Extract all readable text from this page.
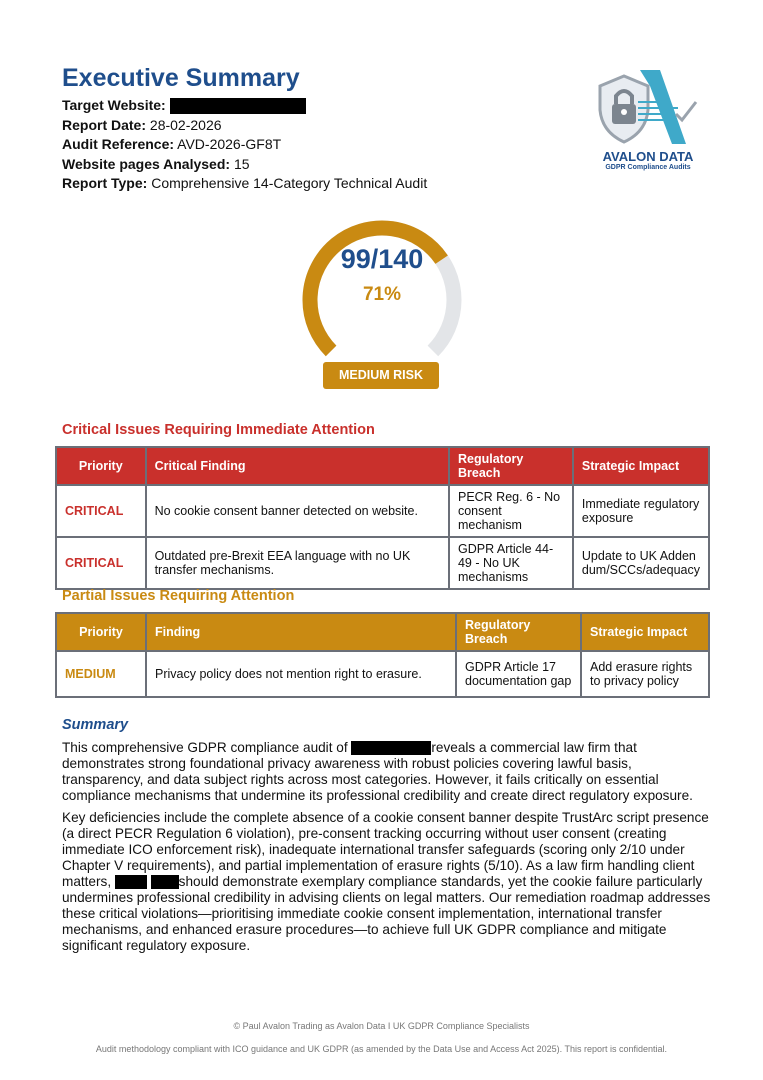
Executive Summary
Target Website:
Report Date: 28-02-2026
Audit Reference: AVD-2026-GF8T
Website pages Analysed: 15
Report Type: Comprehensive 14-Category Technical Audit
AVALON DATA
GDPR Compliance Audits
99/140
71%
MEDIUM RISK
Critical Issues Requiring Immediate Attention
Priority	Critical Finding	Regulatory Breach	Strategic Impact
CRITICAL	No cookie consent banner detected on website.	PECR Reg. 6 - No consent mechanism	Immediate regulatory exposure
CRITICAL	Outdated pre-Brexit EEA language with no UK transfer mechanisms.	GDPR Article 44-49 - No UK mechanisms	Update to UK Adden dum/SCCs/adequacy
Partial Issues Requiring Attention
Priority	Finding	Regulatory Breach	Strategic Impact
MEDIUM	Privacy policy does not mention right to erasure.	GDPR Article 17 documentation gap	Add erasure rights to privacy policy
Summary

This comprehensive GDPR compliance audit of	reveals a commercial law firm that demonstrates strong foundational privacy awareness with robust policies covering lawful basis, transparency, and data subject rights across most categories. However, it fails critically on essential compliance mechanisms that undermine its professional credibility and create direct regulatory exposure.

Key deficiencies include the complete absence of a cookie consent banner despite TrustArc script presence (a direct PECR Regulation 6 violation), pre-consent tracking occurring without user consent (creating immediate ICO enforcement risk), inadequate international transfer safeguards (scoring only 2/10 under Chapter V requirements), and partial implementation of erasure rights (5/10). As a law firm handling client matters,	should demonstrate exemplary compliance standards, yet the cookie failure particularly undermines professional credibility in advising clients on legal matters. Our remediation roadmap addresses these critical violations—prioritising immediate cookie consent implementation, international transfer mechanisms, and enhanced erasure procedures—to achieve full UK GDPR compliance and mitigate significant regulatory exposure.

© Paul Avalon Trading as Avalon Data I UK GDPR Compliance Specialists
Audit methodology compliant with ICO guidance and UK GDPR (as amended by the Data Use and Access Act 2025). This report is confidential.
